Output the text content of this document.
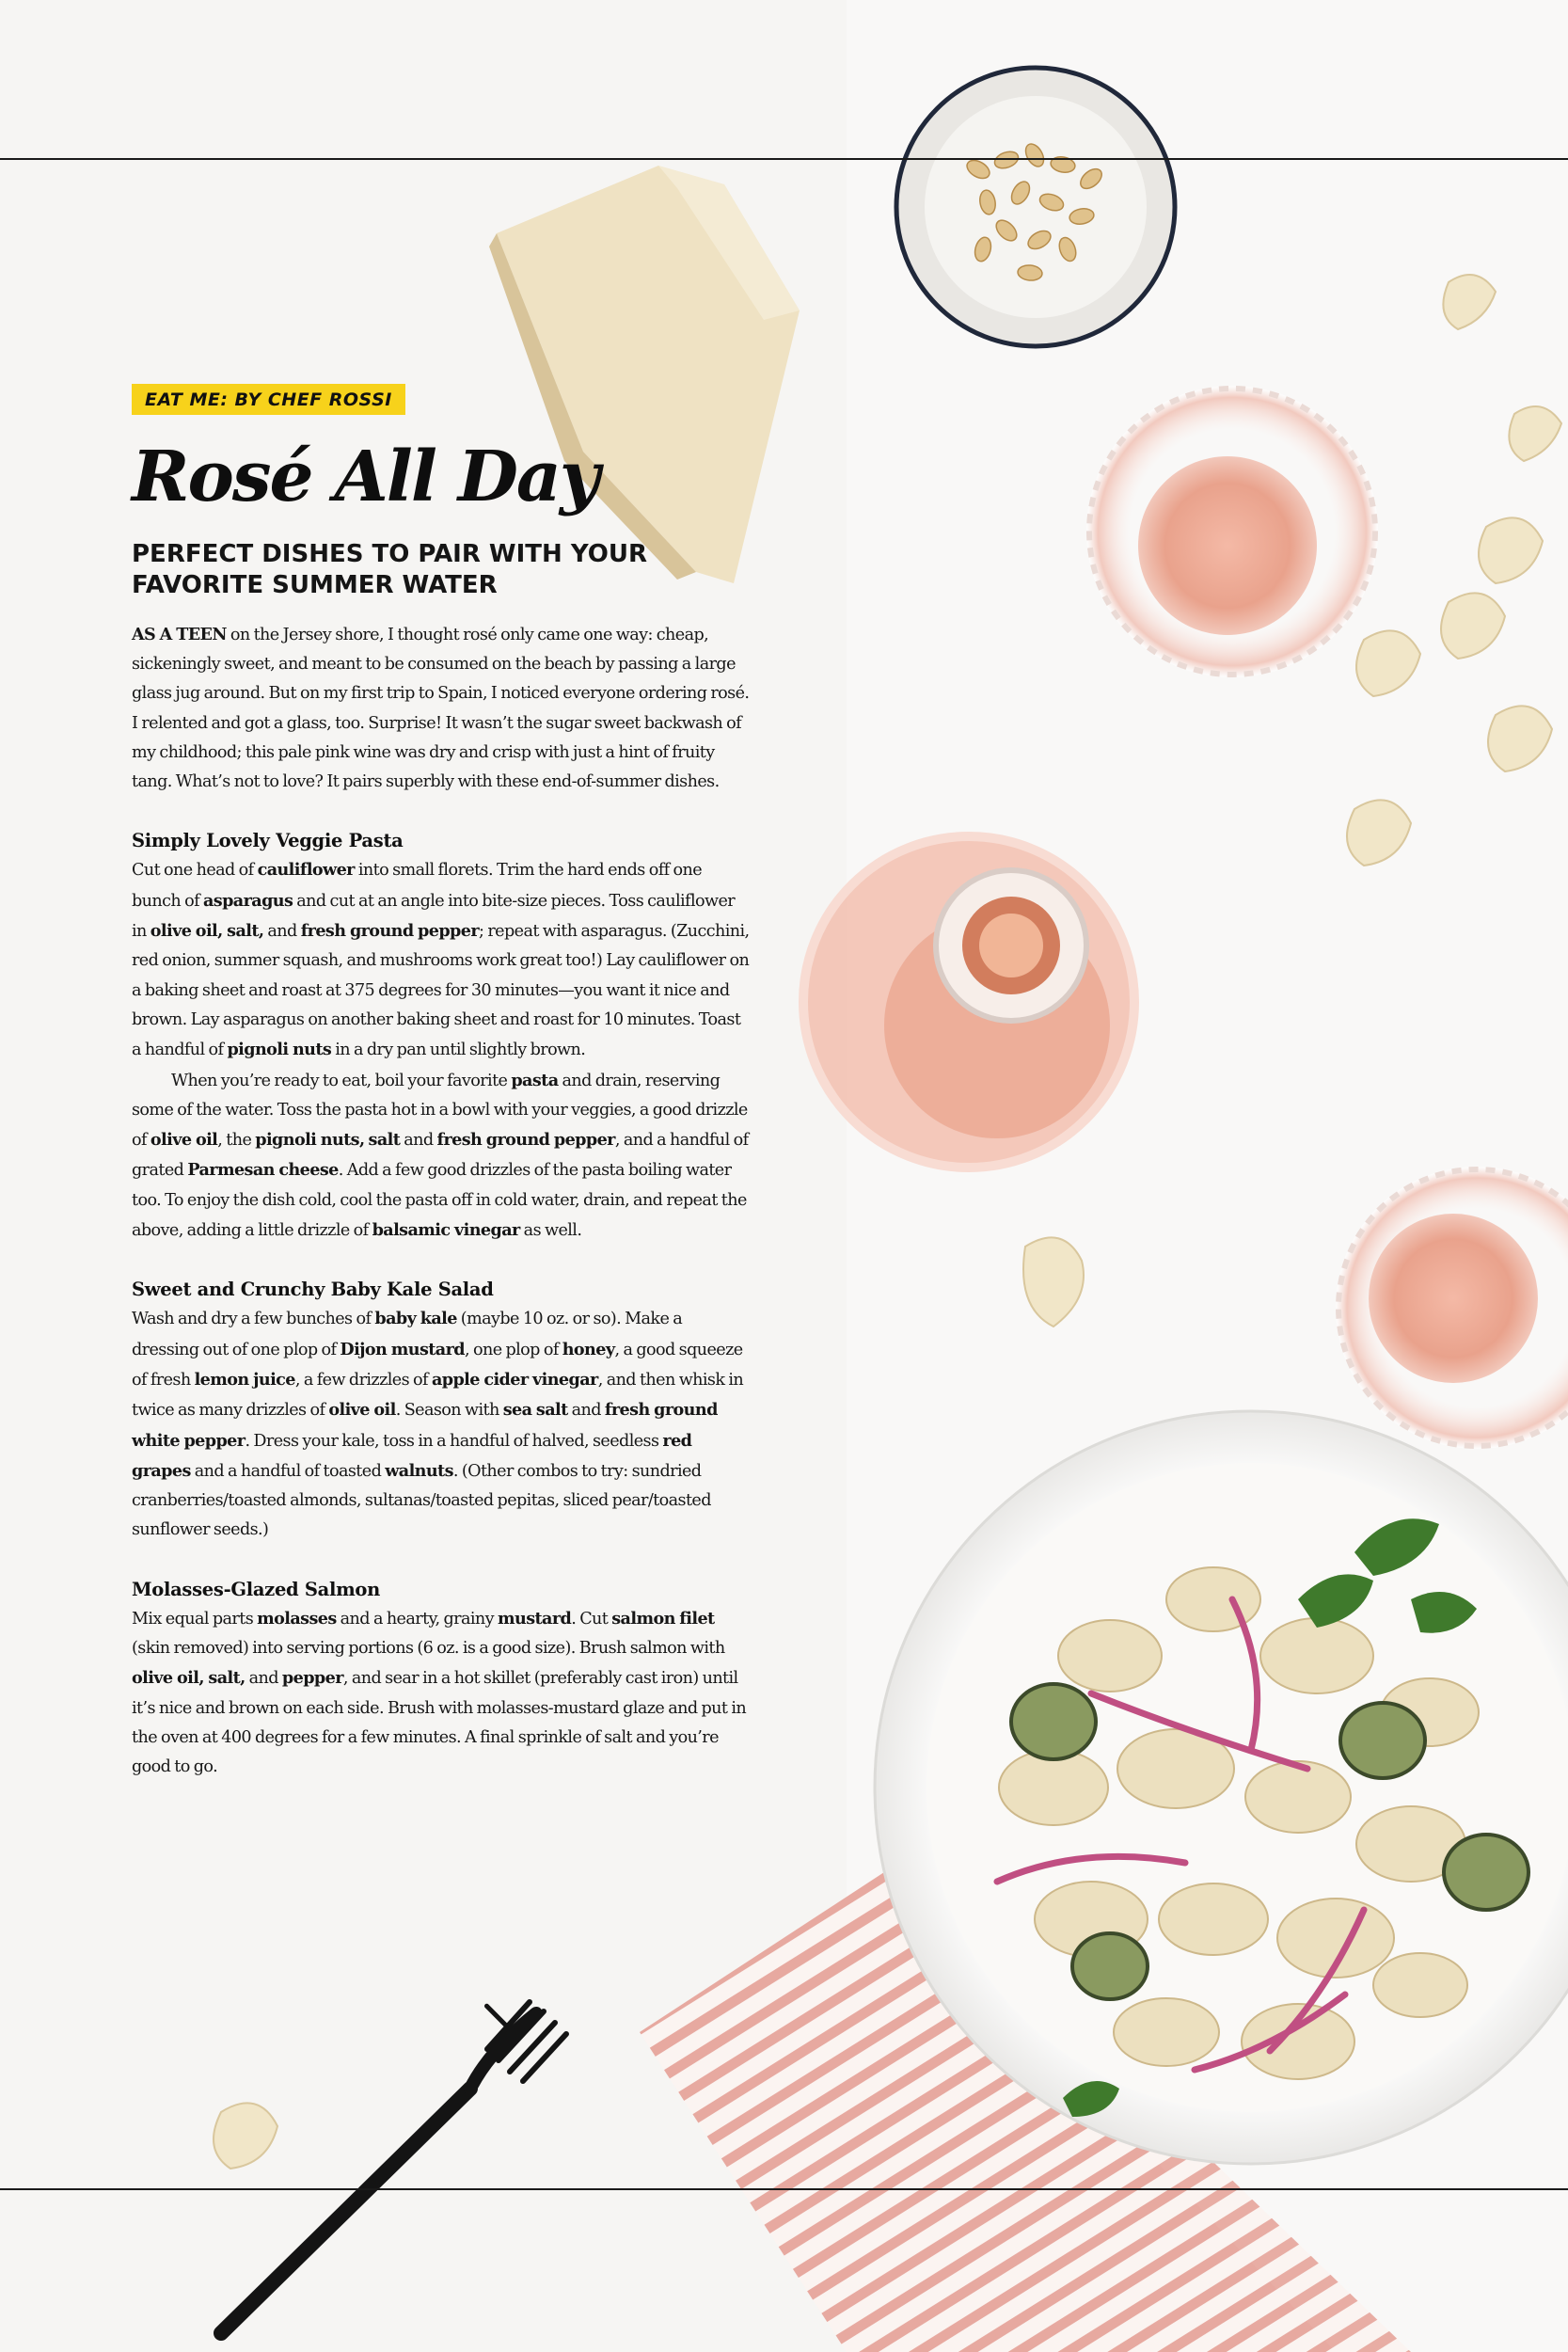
EAT ME: BY CHEF ROSSI
Rosé All Day
PERFECT DISHES TO PAIR WITH YOUR FAVORITE SUMMER WATER
AS A TEEN on the Jersey shore, I thought rosé only came one way: cheap, sickeningly sweet, and meant to be consumed on the beach by passing a large glass jug around. But on my first trip to Spain, I noticed everyone ordering rosé. I relented and got a glass, too. Surprise! It wasn’t the sugar sweet backwash of my childhood; this pale pink wine was dry and crisp with just a hint of fruity tang. What’s not to love? It pairs superbly with these end-of-summer dishes.
Simply Lovely Veggie Pasta
Cut one head of cauliflower into small florets. Trim the hard ends off one bunch of asparagus and cut at an angle into bite-size pieces. Toss cauliflower in olive oil, salt, and fresh ground pepper; repeat with asparagus. (Zucchini, red onion, summer squash, and mushrooms work great too!) Lay cauliflower on a baking sheet and roast at 375 degrees for 30 minutes—you want it nice and brown. Lay asparagus on another baking sheet and roast for 10 minutes. Toast a handful of pignoli nuts in a dry pan until slightly brown.
When you’re ready to eat, boil your favorite pasta and drain, reserving some of the water. Toss the pasta hot in a bowl with your veggies, a good drizzle of olive oil, the pignoli nuts, salt and fresh ground pepper, and a handful of grated Parmesan cheese. Add a few good drizzles of the pasta boiling water too. To enjoy the dish cold, cool the pasta off in cold water, drain, and repeat the above, adding a little drizzle of balsamic vinegar as well.
Sweet and Crunchy Baby Kale Salad
Wash and dry a few bunches of baby kale (maybe 10 oz. or so). Make a dressing out of one plop of Dijon mustard, one plop of honey, a good squeeze of fresh lemon juice, a few drizzles of apple cider vinegar, and then whisk in twice as many drizzles of olive oil. Season with sea salt and fresh ground white pepper. Dress your kale, toss in a handful of halved, seedless red grapes and a handful of toasted walnuts. (Other combos to try: sundried cranberries/toasted almonds, sultanas/toasted pepitas, sliced pear/toasted sunflower seeds.)
Molasses-Glazed Salmon
Mix equal parts molasses and a hearty, grainy mustard. Cut salmon filet (skin removed) into serving portions (6 oz. is a good size). Brush salmon with olive oil, salt, and pepper, and sear in a hot skillet (preferably cast iron) until it’s nice and brown on each side. Brush with molasses-mustard glaze and put in the oven at 400 degrees for a few minutes. A final sprinkle of salt and you’re good to go.
